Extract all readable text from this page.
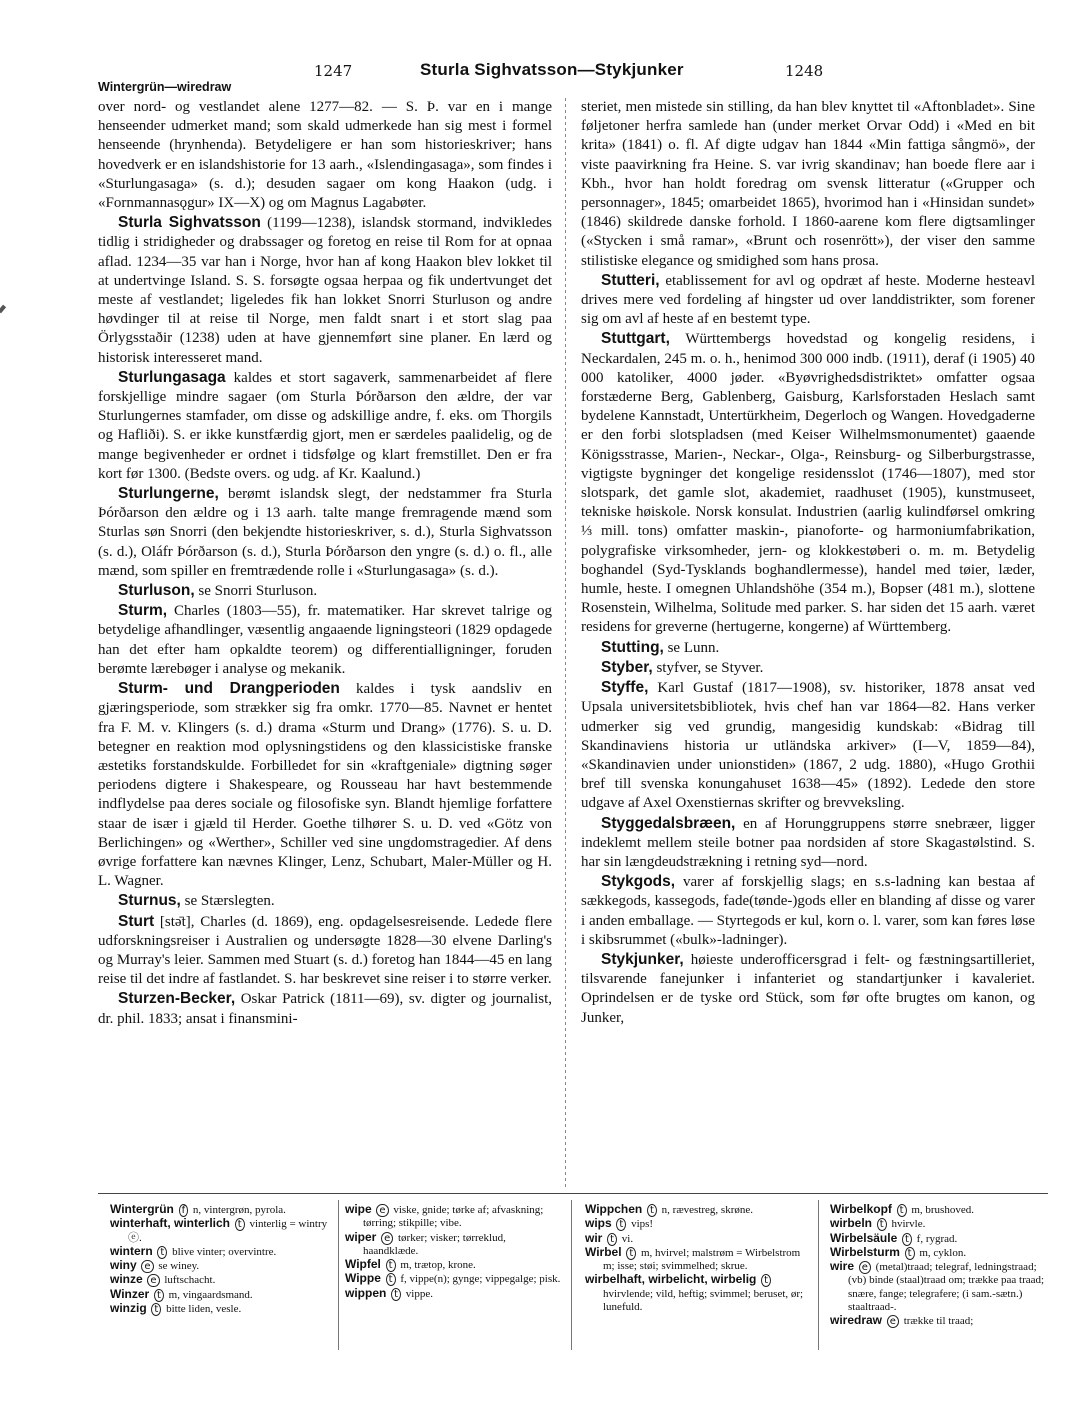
1247	Sturla Sighvatsson—Stykjunker	1248
Wintergrün—wiredraw

over nord- og vestlandet alene 1277—82. — S. Þ. var en i mange henseender udmerket mand; som skald udmerkede han sig mest i formel henseende (hrynhenda). Betydeligere er han som historieskriver; hans hovedverk er en islandshistorie for 13 aarh., «Islendingasaga», som findes i «Sturlungasaga» (s. d.); desuden sagaer om kong Haakon (udg. i «Fornmannasǫgur» IX—X) og om Magnus Lagabøter.

Sturla Sighvatsson (1199—1238), islandsk stormand, indvikledes tidlig i stridigheder og drabssager og foretog en reise til Rom for at opnaa aflad. 1234—35 var han i Norge, hvor han af kong Haakon blev lokket til at undertvinge Island. S. S. forsøgte ogsaa herpaa og fik undertvunget det meste af vestlandet; ligeledes fik han lokket Snorri Sturluson og andre høvdinger til at reise til Norge, men faldt snart i et stort slag paa Örlygsstaðir (1238) uden at have gjennemført sine planer. En lærd og historisk interesseret mand.

Sturlungasaga kaldes et stort sagaverk, sammenarbeidet af flere forskjellige mindre sagaer (om Sturla Þórðarson den ældre, der var Sturlungernes stamfader, om disse og adskillige andre, f. eks. om Thorgils og Hafliði). S. er ikke kunstfærdig gjort, men er særdeles paalidelig, og de mange begivenheder er ordnet i tidsfølge og klart fremstillet. Den er fra kort før 1300. (Bedste overs. og udg. af Kr. Kaalund.)

Sturlungerne, berømt islandsk slegt, der nedstammer fra Sturla Þórðarson den ældre og i 13 aarh. talte mange fremragende mænd som Sturlas søn Snorri (den bekjendte historieskriver, s. d.), Sturla Sighvatsson (s. d.), Oláfr Þórðarson (s. d.), Sturla Þórðarson den yngre (s. d.) o. fl., alle mænd, som spiller en fremtrædende rolle i «Sturlungasaga» (s. d.).

Sturluson, se Snorri Sturluson.

Sturm, Charles (1803—55), fr. matematiker. Har skrevet talrige og betydelige afhandlinger, væsentlig angaaende ligningsteori (1829 opdagede han det efter ham opkaldte teorem) og differentialligninger, foruden berømte lærebøger i analyse og mekanik.

Sturm- und Drangperioden kaldes i tysk aandsliv en gjæringsperiode, som strækker sig fra omkr. 1770—85. Navnet er hentet fra F. M. v. Klingers (s. d.) drama «Sturm und Drang» (1776). S. u. D. betegner en reaktion mod oplysningstidens og den klassicistiske franske æstetiks forstandskulde. Forbilledet for sin «kraftgeniale» digtning søger periodens digtere i Shakespeare, og Rousseau har havt bestemmende indflydelse paa deres sociale og filosofiske syn. Blandt hjemlige forfattere staar de især i gjæld til Herder. Goethe tilhører S. u. D. ved «Götz von Berlichingen» og «Werther», Schiller ved sine ungdomstragedier. Af dens øvrige forfattere kan nævnes Klinger, Lenz, Schubart, Maler-Müller og H. L. Wagner.

Sturnus, se Stærslegten.

Sturt [stǝ̄t], Charles (d. 1869), eng. opdagelsesreisende. Ledede flere udforskningsreiser i Australien og undersøgte 1828—30 elvene Darling's og Murray's leier. Sammen med Stuart (s. d.) foretog han 1844—45 en lang reise til det indre af fastlandet. S. har beskrevet sine reiser i to større verker.

Sturzen-Becker, Oskar Patrick (1811—69), sv. digter og journalist, dr. phil. 1833; ansat i finansmini-

steriet, men mistede sin stilling, da han blev knyttet til «Aftonbladet». Sine føljetoner herfra samlede han (under merket Orvar Odd) i «Med en bit krita» (1841) o. fl. Af digte udgav han 1844 «Min fattiga sångmö», der viste paavirkning fra Heine. S. var ivrig skandinav; han boede flere aar i Kbh., hvor han holdt foredrag om svensk litteratur («Grupper och personnager», 1845; omarbeidet 1865), hvorimod han i «Hinsidan sundet» (1846) skildrede danske forhold. I 1860-aarene kom flere digtsamlinger («Stycken i små ramar», «Brunt och rosenrött»), der viser den samme stilistiske elegance og smidighed som hans prosa.

Stutteri, etablissement for avl og opdræt af heste. Moderne hesteavl drives mere ved fordeling af hingster ud over landdistrikter, som forener sig om avl af heste af en bestemt type.

Stuttgart, Württembergs hovedstad og kongelig residens, i Neckardalen, 245 m. o. h., henimod 300 000 indb. (1911), deraf (i 1905) 40 000 katoliker, 4000 jøder. «Byøvrighedsdistriktet» omfatter ogsaa forstæderne Berg, Gablenberg, Gaisburg, Karlsforstaden Heslach samt bydelene Kannstadt, Untertürkheim, Degerloch og Wangen. Hovedgaderne er den forbi slotspladsen (med Keiser Wilhelmsmonumentet) gaaende Königsstrasse, Marien-, Neckar-, Olga-, Reinsburg- og Silberburgstrasse, vigtigste bygninger det kongelige residensslot (1746—1807), med stor slotspark, det gamle slot, akademiet, raadhuset (1905), kunstmuseet, tekniske høiskole. Norsk konsulat. Industrien (aarlig kulindførsel omkring ⅓ mill. tons) omfatter maskin-, pianoforte- og harmoniumfabrikation, polygrafiske virksomheder, jern- og klokkestøberi o. m. m. Betydelig boghandel (Syd-Tysklands boghandlermesse), handel med tøier, læder, humle, heste. I omegnen Uhlandshöhe (354 m.), Bopser (481 m.), slottene Rosenstein, Wilhelma, Solitude med parker. S. har siden det 15 aarh. været residens for greverne (hertugerne, kongerne) af Württemberg.

Stutting, se Lunn.

Styber, styfver, se Styver.

Styffe, Karl Gustaf (1817—1908), sv. historiker, 1878 ansat ved Upsala universitetsbibliotek, hvis chef han var 1864—82. Hans verker udmerker sig ved grundig, mangesidig kundskab: «Bidrag till Skandinaviens historia ur utländska arkiver» (I—V, 1859—84), «Skandinavien under unionstiden» (1867, 2 udg. 1880), «Hugo Grothii bref till svenska konungahuset 1638—45» (1892). Ledede den store udgave af Axel Oxenstiernas skrifter og brevveksling.

Styggedalsbræen, en af Horunggruppens større snebræer, ligger indeklemt mellem steile botner paa nordsiden af store Skagastølstind. S. har sin længdeudstrækning i retning syd—nord.

Stykgods, varer af forskjellig slags; en s.s-ladning kan bestaa af sækkegods, kassegods, fade(tønde-)gods eller en blanding af disse og varer i anden emballage. — Styrtegods er kul, korn o. l. varer, som kan føres løse i skibsrummet («bulk»-ladninger).

Stykjunker, høieste underofficersgrad i felt- og fæstningsartilleriet, tilsvarende fanejunker i infanteriet og standartjunker i kavaleriet. Oprindelsen er de tyske ord Stück, som før ofte brugtes om kanon, og Junker,

Wintergrün f n, vintergrøn, pyrola.

winterhaft, winterlich t vinterlig = wintry ⓔ.

wintern t blive vinter; overvintre.

winy e se winey.

winze e luftschacht.

Winzer t m, vingaardsmand.

winzig t bitte liden, vesle.

wipe e viske, gnide; tørke af; afvaskning; tørring; stikpille; vibe.

wiper e tørker; visker; tørreklud, haandklæde.

Wipfel t m, trætop, krone.

Wippe t f, vippe(n); gynge; vippegalge; pisk.

wippen t vippe.

Wippchen t n, rævestreg, skrøne.

wips t vips!

wir t vi.

Wirbel t m, hvirvel; malstrøm = Wirbelstrom m; isse; støi; svimmelhed; skrue.

wirbelhaft, wirbelicht, wirbelig t hvirvlende; vild, heftig; svimmel; beruset, ør; lunefuld.

Wirbelkopf t m, brushoved.

wirbeln t hvirvle.

Wirbelsäule t f, rygrad.

Wirbelsturm t m, cyklon.

wire e (metal)traad; telegraf, ledningstraad; (vb) binde (staal)traad om; trække paa traad; snære, fange; telegrafere; (i sam.-sætn.) staaltraad-.

wiredraw e trække til traad;
